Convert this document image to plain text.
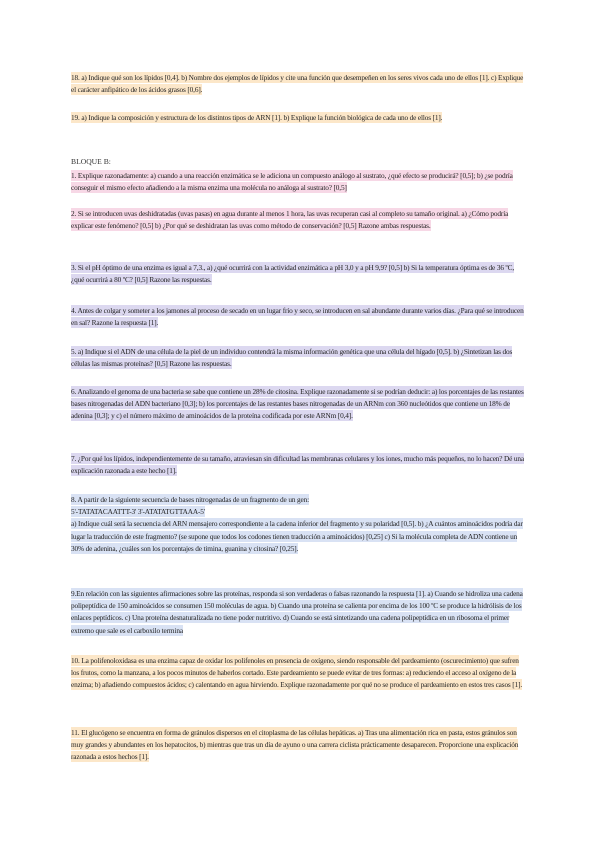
18. a) Indique qué son los lípidos [0,4]. b) Nombre dos ejemplos de lípidos y cite una función que desempeñen en los seres vivos cada uno de ellos [1]. c) Explique el carácter anfipático de los ácidos grasos [0,6].

19. a) Indique la composición y estructura de los distintos tipos de ARN [1]. b) Explique la función biológica de cada uno de ellos [1].

BLOQUE B:

1. Explique razonadamente: a) cuando a una reacción enzimática se le adiciona un compuesto análogo al sustrato, ¿qué efecto se producirá? [0,5]; b) ¿se podría conseguir el mismo efecto añadiendo a la misma enzima una molécula no análoga al sustrato? [0,5]

2. Si se introducen uvas deshidratadas (uvas pasas) en agua durante al menos 1 hora, las uvas recuperan casi al completo su tamaño original. a) ¿Cómo podría explicar este fenómeno? [0,5] b) ¿Por qué se deshidratan las uvas como método de conservación? [0,5] Razone ambas respuestas.

3. Si el pH óptimo de una enzima es igual a 7,3., a) ¿qué ocurrirá con la actividad enzimática a pH 3,0 y a pH 9,9? [0,5] b) Si la temperatura óptima es de 36 ºC, ¿qué ocurrirá a 80 ºC? [0,5] Razone las respuestas.

4. Antes de colgar y someter a los jamones al proceso de secado en un lugar frío y seco, se introducen en sal abundante durante varios días. ¿Para qué se introducen en sal? Razone la respuesta [1].

5. a) Indique si el ADN de una célula de la piel de un individuo contendrá la misma información genética que una célula del hígado [0,5]. b) ¿Sintetizan las dos células las mismas proteínas? [0,5] Razone las respuestas.

6. Analizando el genoma de una bacteria se sabe que contiene un 28% de citosina. Explique razonadamente si se podrían deducir: a) los porcentajes de las restantes bases nitrogenadas del ADN bacteriano [0,3]; b) los porcentajes de las restantes bases nitrogenadas de un ARNm con 360 nucleótidos que contiene un 18% de adenina [0,3]; y c) el número máximo de aminoácidos de la proteína codificada por este ARNm [0,4].

7. ¿Por qué los lípidos, independientemente de su tamaño, atraviesan sin dificultad las membranas celulares y los iones, mucho más pequeños, no lo hacen? Dé una explicación razonada a este hecho [1].

8. A partir de la siguiente secuencia de bases nitrogenadas de un fragmento de un gen:
5'-TATATACAATTT-3' 3'-ATATATGTTAAA-5'
a) Indique cuál será la secuencia del ARN mensajero correspondiente a la cadena inferior del fragmento y su polaridad [0,5]. b) ¿A cuántos aminoácidos podría dar lugar la traducción de este fragmento? (se supone que todos los codones tienen traducción a aminoácidos) [0,25] c) Si la molécula completa de ADN contiene un 30% de adenina, ¿cuáles son los porcentajes de timina, guanina y citosina? [0,25].

9.En relación con las siguientes afirmaciones sobre las proteínas, responda si son verdaderas o falsas razonando la respuesta [1]. a) Cuando se hidroliza una cadena polipeptídica de 150 aminoácidos se consumen 150 moléculas de agua. b) Cuando una proteína se calienta por encima de los 100 ºC se produce la hidrólisis de los enlaces peptídicos. c) Una proteína desnaturalizada no tiene poder nutritivo. d) Cuando se está sintetizando una cadena polipeptídica en un ribosoma el primer extremo que sale es el carboxilo termina

10. La polifenoloxidasa es una enzima capaz de oxidar los polifenoles en presencia de oxígeno, siendo responsable del pardeamiento (oscurecimiento) que sufren los frutos, como la manzana, a los pocos minutos de haberlos cortado. Este pardeamiento se puede evitar de tres formas: a) reduciendo el acceso al oxígeno de la enzima; b) añadiendo compuestos ácidos; c) calentando en agua hirviendo. Explique razonadamente por qué no se produce el pardeamiento en estos tres casos [1].

11. El glucógeno se encuentra en forma de gránulos dispersos en el citoplasma de las células hepáticas. a) Tras una alimentación rica en pasta, estos gránulos son muy grandes y abundantes en los hepatocitos, b) mientras que tras un día de ayuno o una carrera ciclista prácticamente desaparecen. Proporcione una explicación razonada a estos hechos [1].
